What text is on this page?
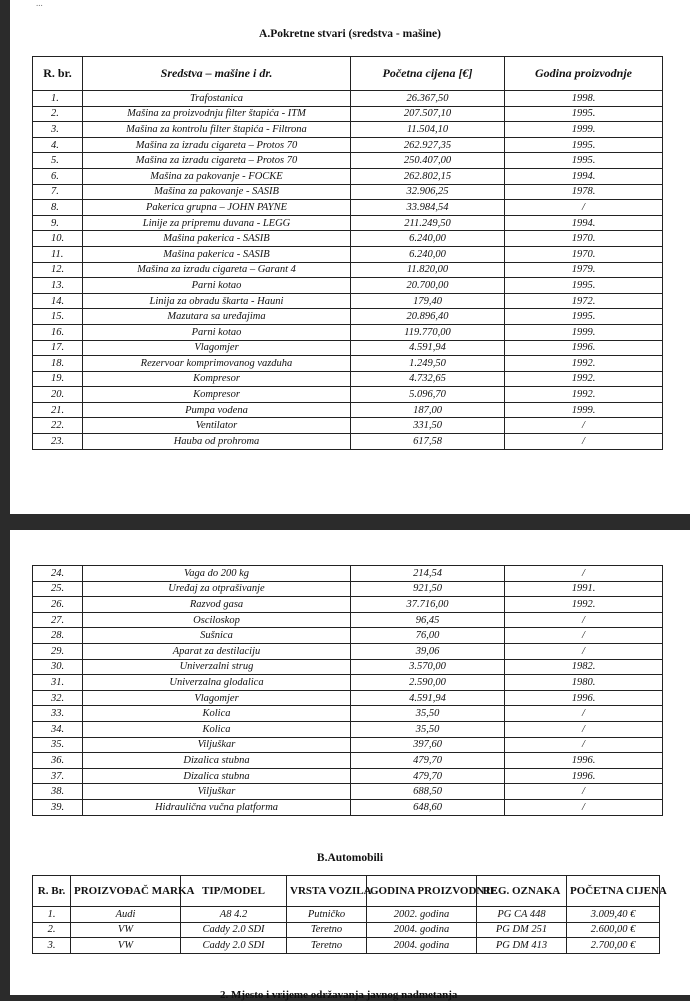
...
A.Pokretne stvari (sredstva - mašine)
R. br.	Sredstva – mašine i dr.	Početna cijena [€]	Godina proizvodnje
1.	Trafostanica	26.367,50	1998.
2.	Mašina za proizvodnju filter štapića - ITM	207.507,10	1995.
3.	Mašina za kontrolu filter štapića - Filtrona	11.504,10	1999.
4.	Mašina za izradu cigareta – Protos 70	262.927,35	1995.
5.	Mašina za izradu cigareta – Protos 70	250.407,00	1995.
6.	Mašina za pakovanje - FOCKE	262.802,15	1994.
7.	Mašina za pakovanje - SASIB	32.906,25	1978.
8.	Pakerica grupna – JOHN PAYNE	33.984,54	/
9.	Linije za pripremu duvana - LEGG	211.249,50	1994.
10.	Mašina pakerica - SASIB	6.240,00	1970.
11.	Mašina pakerica - SASIB	6.240,00	1970.
12.	Mašina za izradu cigareta – Garant 4	11.820,00	1979.
13.	Parni kotao	20.700,00	1995.
14.	Linija za obradu škarta - Hauni	179,40	1972.
15.	Mazutara sa uređajima	20.896,40	1995.
16.	Parni kotao	119.770,00	1999.
17.	Vlagomjer	4.591,94	1996.
18.	Rezervoar komprimovanog vazduha	1.249,50	1992.
19.	Kompresor	4.732,65	1992.
20.	Kompresor	5.096,70	1992.
21.	Pumpa vodena	187,00	1999.
22.	Ventilator	331,50	/
23.	Hauba od prohroma	617,58	/
24.	Vaga do 200 kg	214,54	/
25.	Uređaj za otprašivanje	921,50	1991.
26.	Razvod gasa	37.716,00	1992.
27.	Osciloskop	96,45	/
28.	Sušnica	76,00	/
29.	Aparat za destilaciju	39,06	/
30.	Univerzalni strug	3.570,00	1982.
31.	Univerzalna glodalica	2.590,00	1980.
32.	Vlagomjer	4.591,94	1996.
33.	Kolica	35,50	/
34.	Kolica	35,50	/
35.	Viljuškar	397,60	/
36.	Dizalica stubna	479,70	1996.
37.	Dizalica stubna	479,70	1996.
38.	Viljuškar	688,50	/
39.	Hidraulična vučna platforma	648,60	/
B.Automobili
R. Br.	PROIZVOĐAČ MARKA	TIP/MODEL	VRSTA VOZILA	GODINA PROIZVODNJE	REG. OZNAKA	POČETNA CIJENA
1.	Audi	A8 4.2	Putničko	2002. godina	PG CA 448	3.009,40 €
2.	VW	Caddy 2.0 SDI	Teretno	2004. godina	PG DM 251	2.600,00 €
3.	VW	Caddy 2.0 SDI	Teretno	2004. godina	PG DM 413	2.700,00 €
2. Mjesto i vrijeme održavanja javnog nadmetanja
